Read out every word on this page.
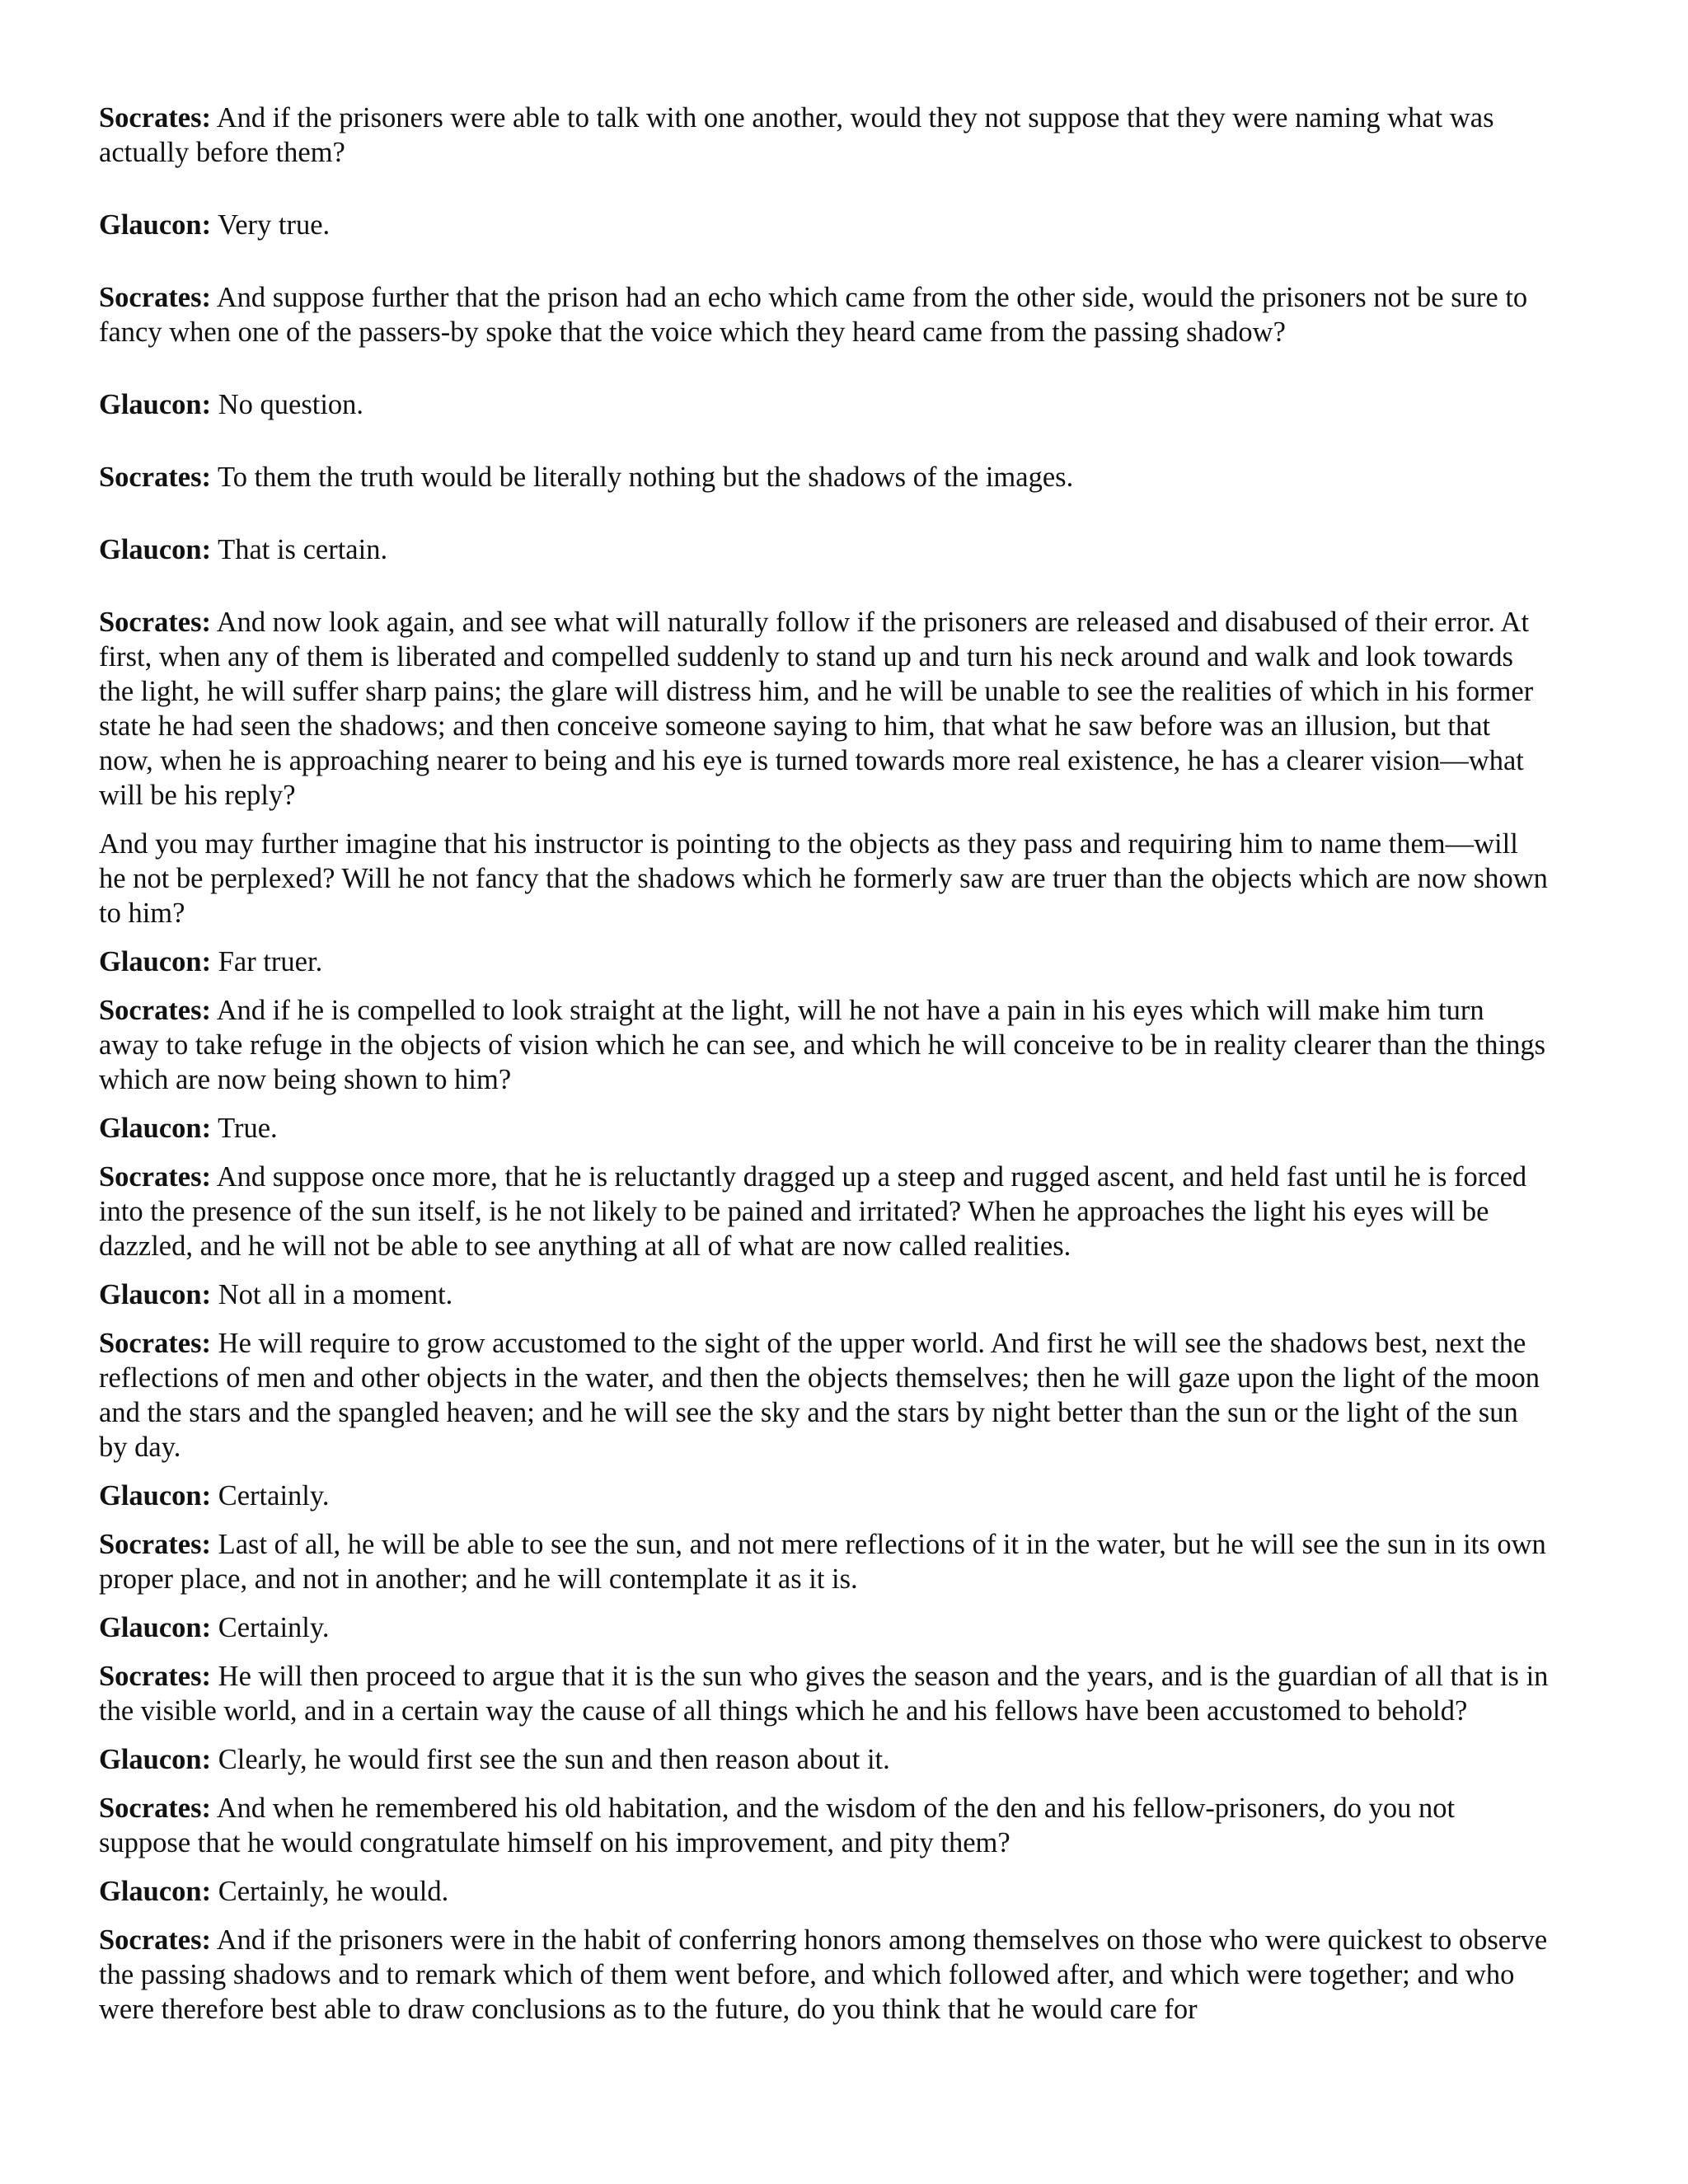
Socrates: And if the prisoners were able to talk with one another, would they not suppose that they were naming what was actually before them?

Glaucon: Very true.

Socrates: And suppose further that the prison had an echo which came from the other side, would the prisoners not be sure to fancy when one of the passers-by spoke that the voice which they heard came from the passing shadow?

Glaucon: No question.

Socrates: To them the truth would be literally nothing but the shadows of the images.

Glaucon: That is certain.

Socrates: And now look again, and see what will naturally follow if the prisoners are released and disabused of their error. At first, when any of them is liberated and compelled suddenly to stand up and turn his neck around and walk and look towards the light, he will suffer sharp pains; the glare will distress him, and he will be unable to see the realities of which in his former state he had seen the shadows; and then conceive someone saying to him, that what he saw before was an illusion, but that now, when he is approaching nearer to being and his eye is turned towards more real existence, he has a clearer vision—what will be his reply?

And you may further imagine that his instructor is pointing to the objects as they pass and requiring him to name them—will he not be perplexed? Will he not fancy that the shadows which he formerly saw are truer than the objects which are now shown to him?

Glaucon: Far truer.

Socrates: And if he is compelled to look straight at the light, will he not have a pain in his eyes which will make him turn away to take refuge in the objects of vision which he can see, and which he will conceive to be in reality clearer than the things which are now being shown to him?

Glaucon: True.

Socrates: And suppose once more, that he is reluctantly dragged up a steep and rugged ascent, and held fast until he is forced into the presence of the sun itself, is he not likely to be pained and irritated? When he approaches the light his eyes will be dazzled, and he will not be able to see anything at all of what are now called realities.

Glaucon: Not all in a moment.

Socrates: He will require to grow accustomed to the sight of the upper world. And first he will see the shadows best, next the reflections of men and other objects in the water, and then the objects themselves; then he will gaze upon the light of the moon and the stars and the spangled heaven; and he will see the sky and the stars by night better than the sun or the light of the sun by day.

Glaucon: Certainly.

Socrates: Last of all, he will be able to see the sun, and not mere reflections of it in the water, but he will see the sun in its own proper place, and not in another; and he will contemplate it as it is.

Glaucon: Certainly.

Socrates: He will then proceed to argue that it is the sun who gives the season and the years, and is the guardian of all that is in the visible world, and in a certain way the cause of all things which he and his fellows have been accustomed to behold?

Glaucon: Clearly, he would first see the sun and then reason about it.

Socrates: And when he remembered his old habitation, and the wisdom of the den and his fellow-prisoners, do you not suppose that he would congratulate himself on his improvement, and pity them?

Glaucon: Certainly, he would.

Socrates: And if the prisoners were in the habit of conferring honors among themselves on those who were quickest to observe the passing shadows and to remark which of them went before, and which followed after, and which were together; and who were therefore best able to draw conclusions as to the future, do you think that he would care for
